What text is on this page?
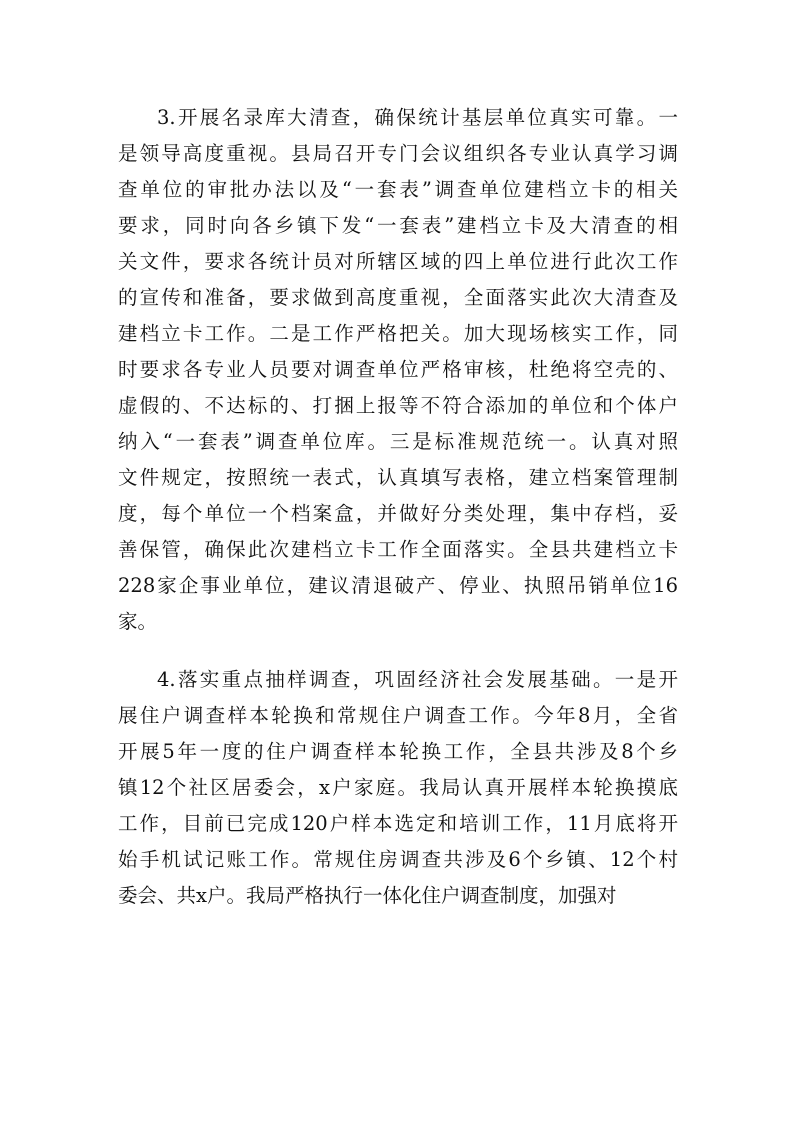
3.开展名录库大清查，确保统计基层单位真实可靠。一
是领导高度重视。县局召开专门会议组织各专业认真学习调
查单位的审批办法以及“一套表”调查单位建档立卡的相关
要求，同时向各乡镇下发“一套表”建档立卡及大清查的相
关文件，要求各统计员对所辖区域的四上单位进行此次工作
的宣传和准备，要求做到高度重视，全面落实此次大清查及
建档立卡工作。二是工作严格把关。加大现场核实工作，同
时要求各专业人员要对调查单位严格审核，杜绝将空壳的、
虚假的、不达标的、打捆上报等不符合添加的单位和个体户
纳入“一套表”调查单位库。三是标准规范统一。认真对照
文件规定，按照统一表式，认真填写表格，建立档案管理制
度，每个单位一个档案盒，并做好分类处理，集中存档，妥
善保管，确保此次建档立卡工作全面落实。全县共建档立卡
228家企事业单位，建议清退破产、停业、执照吊销单位16
家。
4.落实重点抽样调查，巩固经济社会发展基础。一是开
展住户调查样本轮换和常规住户调查工作。今年8月，全省
开展5年一度的住户调查样本轮换工作，全县共涉及8个乡
镇12个社区居委会，x户家庭。我局认真开展样本轮换摸底
工作，目前已完成120户样本选定和培训工作，11月底将开
始手机试记账工作。常规住房调查共涉及6个乡镇、12个村
委会、共x户。我局严格执行一体化住户调查制度，加强对
